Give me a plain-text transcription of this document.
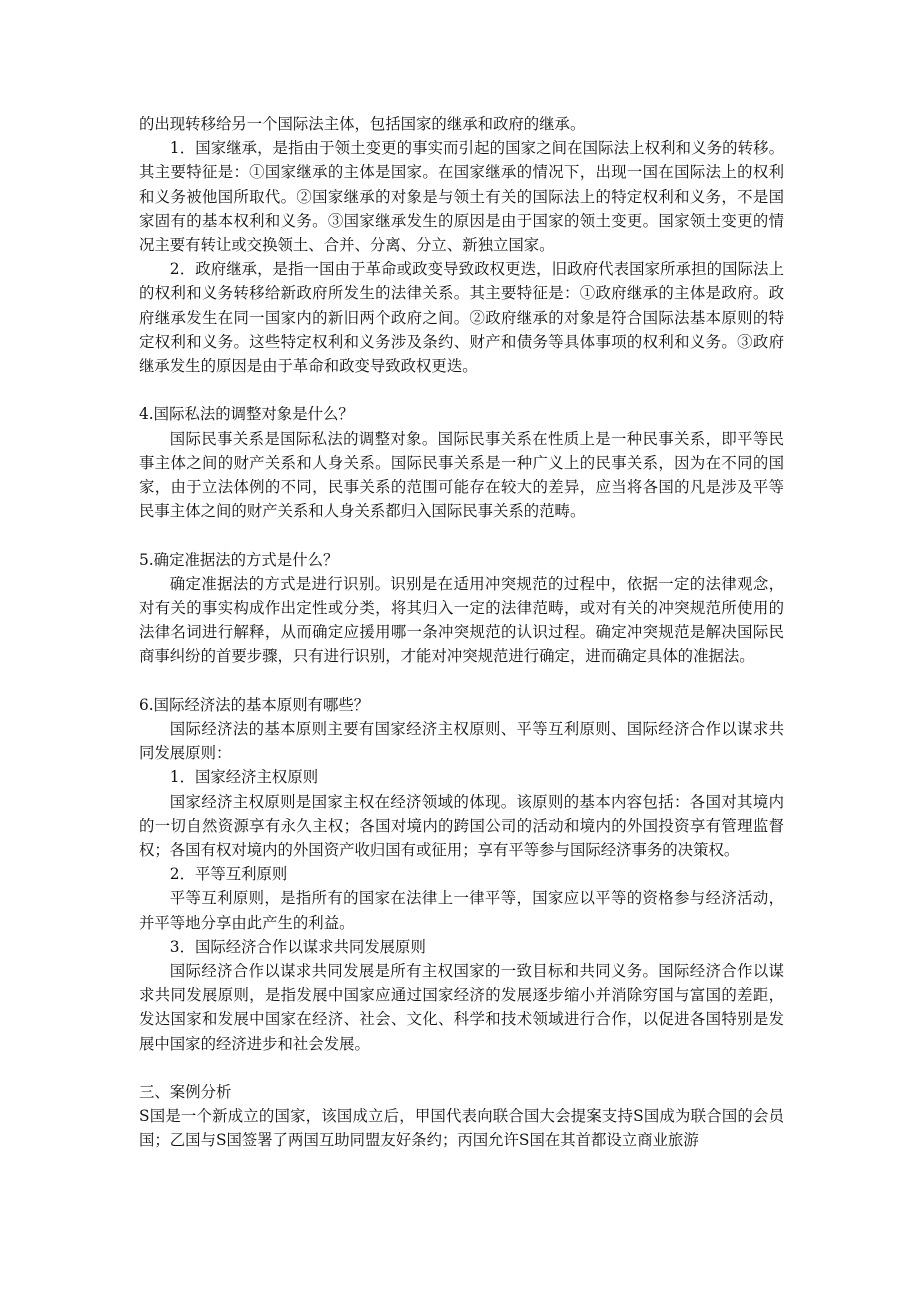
的出现转移给另一个国际法主体，包括国家的继承和政府的继承。

1．国家继承，是指由于领土变更的事实而引起的国家之间在国际法上权利和义务的转移。其主要特征是：①国家继承的主体是国家。在国家继承的情况下，出现一国在国际法上的权利和义务被他国所取代。②国家继承的对象是与领土有关的国际法上的特定权利和义务，不是国家固有的基本权利和义务。③国家继承发生的原因是由于国家的领土变更。国家领土变更的情况主要有转让或交换领土、合并、分离、分立、新独立国家。

2．政府继承，是指一国由于革命或政变导致政权更迭，旧政府代表国家所承担的国际法上的权利和义务转移给新政府所发生的法律关系。其主要特征是：①政府继承的主体是政府。政府继承发生在同一国家内的新旧两个政府之间。②政府继承的对象是符合国际法基本原则的特定权利和义务。这些特定权利和义务涉及条约、财产和债务等具体事项的权利和义务。③政府继承发生的原因是由于革命和政变导致政权更迭。

4.国际私法的调整对象是什么？

国际民事关系是国际私法的调整对象。国际民事关系在性质上是一种民事关系，即平等民事主体之间的财产关系和人身关系。国际民事关系是一种广义上的民事关系，因为在不同的国家，由于立法体例的不同，民事关系的范围可能存在较大的差异，应当将各国的凡是涉及平等民事主体之间的财产关系和人身关系都归入国际民事关系的范畴。

5.确定准据法的方式是什么？

确定准据法的方式是进行识别。识别是在适用冲突规范的过程中，依据一定的法律观念，对有关的事实构成作出定性或分类，将其归入一定的法律范畴，或对有关的冲突规范所使用的法律名词进行解释，从而确定应援用哪一条冲突规范的认识过程。确定冲突规范是解决国际民商事纠纷的首要步骤，只有进行识别，才能对冲突规范进行确定，进而确定具体的准据法。

6.国际经济法的基本原则有哪些？

国际经济法的基本原则主要有国家经济主权原则、平等互利原则、国际经济合作以谋求共同发展原则：

1．国家经济主权原则

国家经济主权原则是国家主权在经济领域的体现。该原则的基本内容包括：各国对其境内的一切自然资源享有永久主权；各国对境内的跨国公司的活动和境内的外国投资享有管理监督权；各国有权对境内的外国资产收归国有或征用；享有平等参与国际经济事务的决策权。

2．平等互利原则

平等互利原则，是指所有的国家在法律上一律平等，国家应以平等的资格参与经济活动，并平等地分享由此产生的利益。

3．国际经济合作以谋求共同发展原则

国际经济合作以谋求共同发展是所有主权国家的一致目标和共同义务。国际经济合作以谋求共同发展原则，是指发展中国家应通过国家经济的发展逐步缩小并消除穷国与富国的差距，发达国家和发展中国家在经济、社会、文化、科学和技术领域进行合作，以促进各国特别是发展中国家的经济进步和社会发展。

三、案例分析

S国是一个新成立的国家，该国成立后，甲国代表向联合国大会提案支持S国成为联合国的会员国；乙国与S国签署了两国互助同盟友好条约；丙国允许S国在其首都设立商业旅游
